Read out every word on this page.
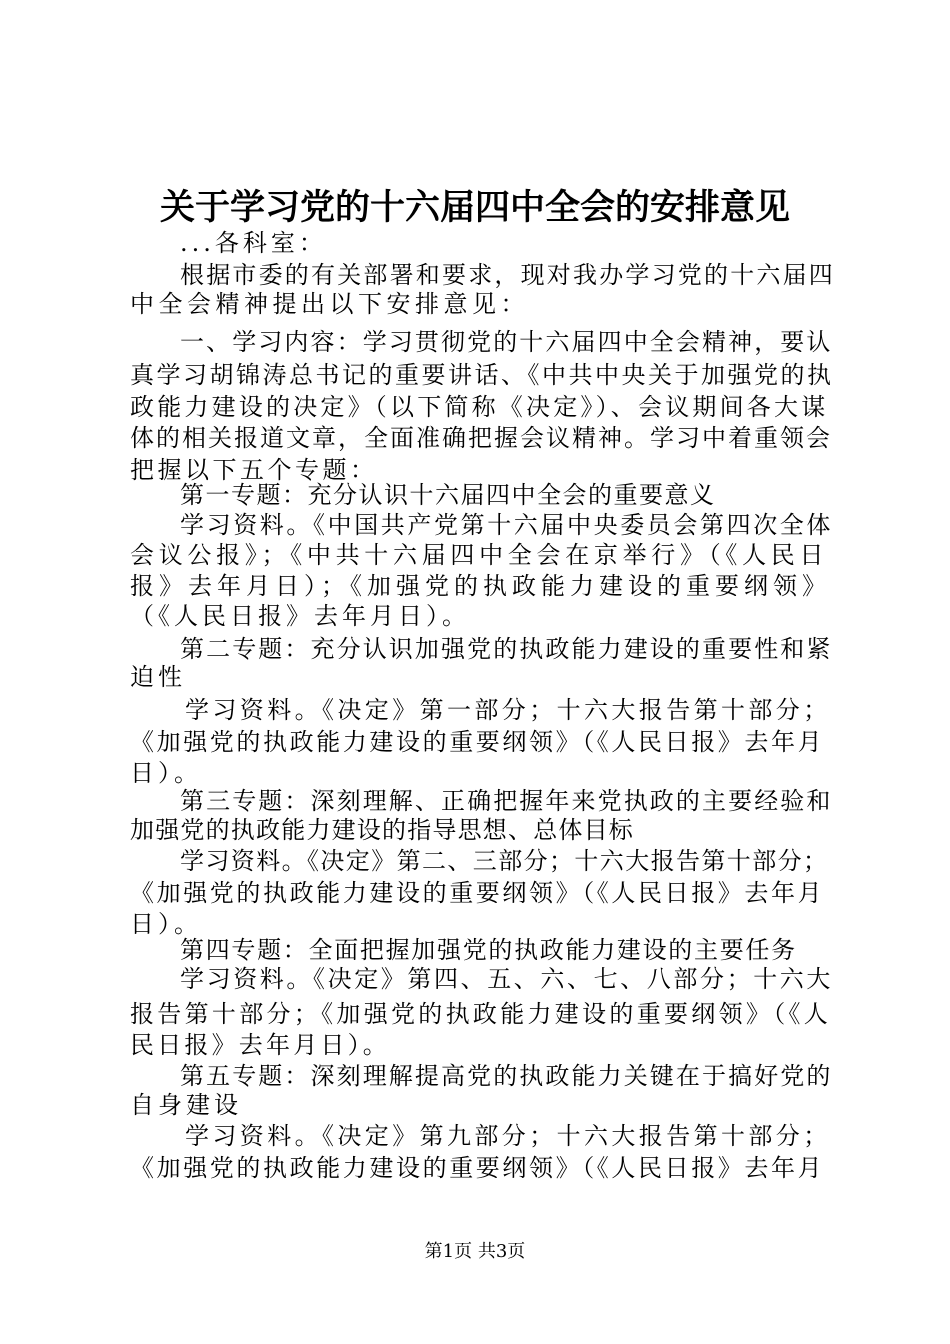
关于学习党的十六届四中全会的安排意见
...各科室：
根据市委的有关部署和要求，现对我办学习党的十六届四
中全会精神提出以下安排意见：
一、学习内容：学习贯彻党的十六届四中全会精神，要认
真学习胡锦涛总书记的重要讲话、《中共中央关于加强党的执
政能力建设的决定》（以下简称《决定》）、会议期间各大谋
体的相关报道文章，全面准确把握会议精神。学习中着重领会
把握以下五个专题：
第一专题：充分认识十六届四中全会的重要意义
学习资料。《中国共产党第十六届中央委员会第四次全体
会议公报》；《中共十六届四中全会在京举行》（《人民日
报》去年月日）；《加强党的执政能力建设的重要纲领》
（《人民日报》去年月日）。
第二专题：充分认识加强党的执政能力建设的重要性和紧
迫性
学习资料。《决定》第一部分；十六大报告第十部分；
《加强党的执政能力建设的重要纲领》（《人民日报》去年月
日）。
第三专题：深刻理解、正确把握年来党执政的主要经验和
加强党的执政能力建设的指导思想、总体目标
学习资料。《决定》第二、三部分；十六大报告第十部分；
《加强党的执政能力建设的重要纲领》（《人民日报》去年月
日）。
第四专题：全面把握加强党的执政能力建设的主要任务
学习资料。《决定》第四、五、六、七、八部分；十六大
报告第十部分；《加强党的执政能力建设的重要纲领》（《人
民日报》去年月日）。
第五专题：深刻理解提高党的执政能力关键在于搞好党的
自身建设
学习资料。《决定》第九部分；十六大报告第十部分；
《加强党的执政能力建设的重要纲领》（《人民日报》去年月
第1页 共3页
